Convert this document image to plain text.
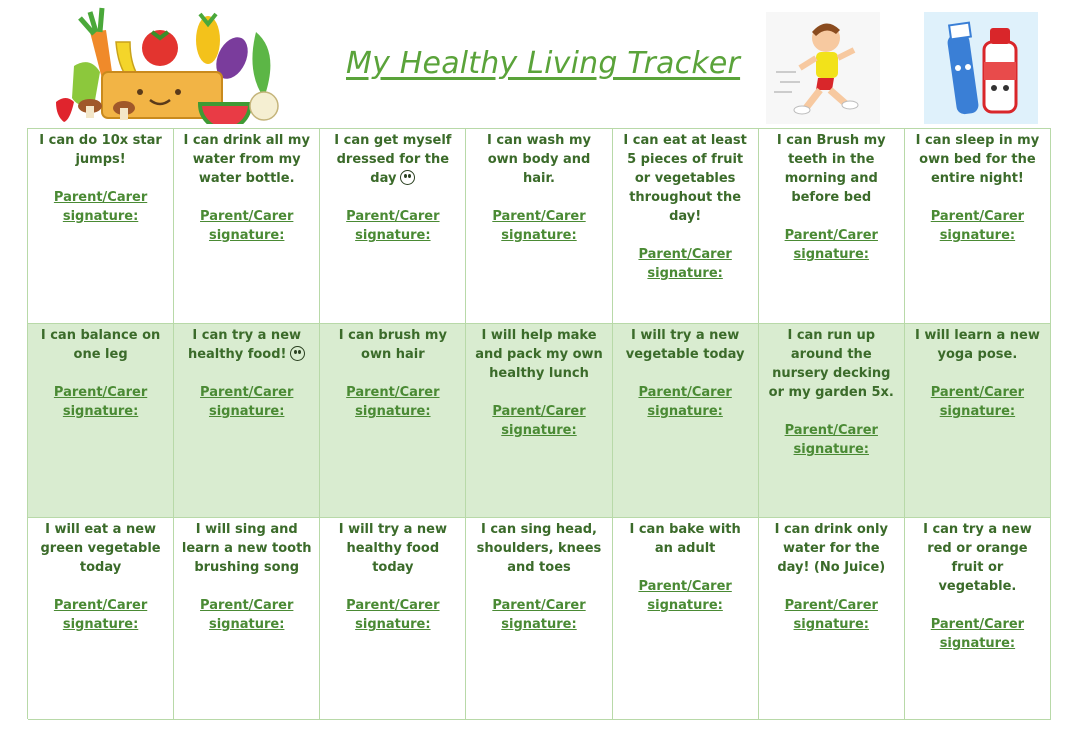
My Healthy Living Tracker
I can do 10x star jumps!
Parent/Carer signature:
I can drink all my water from my water bottle.
Parent/Carer signature:
I can get myself dressed for the day
Parent/Carer signature:
I can wash my own body and hair.
Parent/Carer signature:
I can eat at least 5 pieces of fruit or vegetables throughout the day!
Parent/Carer signature:
I can Brush my teeth in the morning and before bed
Parent/Carer signature:
I can sleep in my own bed for the entire night!
Parent/Carer signature:
I can balance on one leg
Parent/Carer signature:
I can try a new healthy food!
Parent/Carer signature:
I can brush my own hair
Parent/Carer signature:
I will help make and pack my own healthy lunch
Parent/Carer signature:
I will try a new vegetable today
Parent/Carer signature:
I can run up around the nursery decking or my garden 5x.
Parent/Carer signature:
I will learn a new yoga pose.
Parent/Carer signature:
I will eat a new green vegetable today
Parent/Carer signature:
I will sing and learn a new tooth brushing song
Parent/Carer signature:
I will try a new healthy food today
Parent/Carer signature:
I can sing head, shoulders, knees and toes
Parent/Carer signature:
I can bake with an adult
Parent/Carer signature:
I can drink only water for the day! (No Juice)
Parent/Carer signature:
I can try a new red or orange fruit or vegetable.
Parent/Carer signature:
